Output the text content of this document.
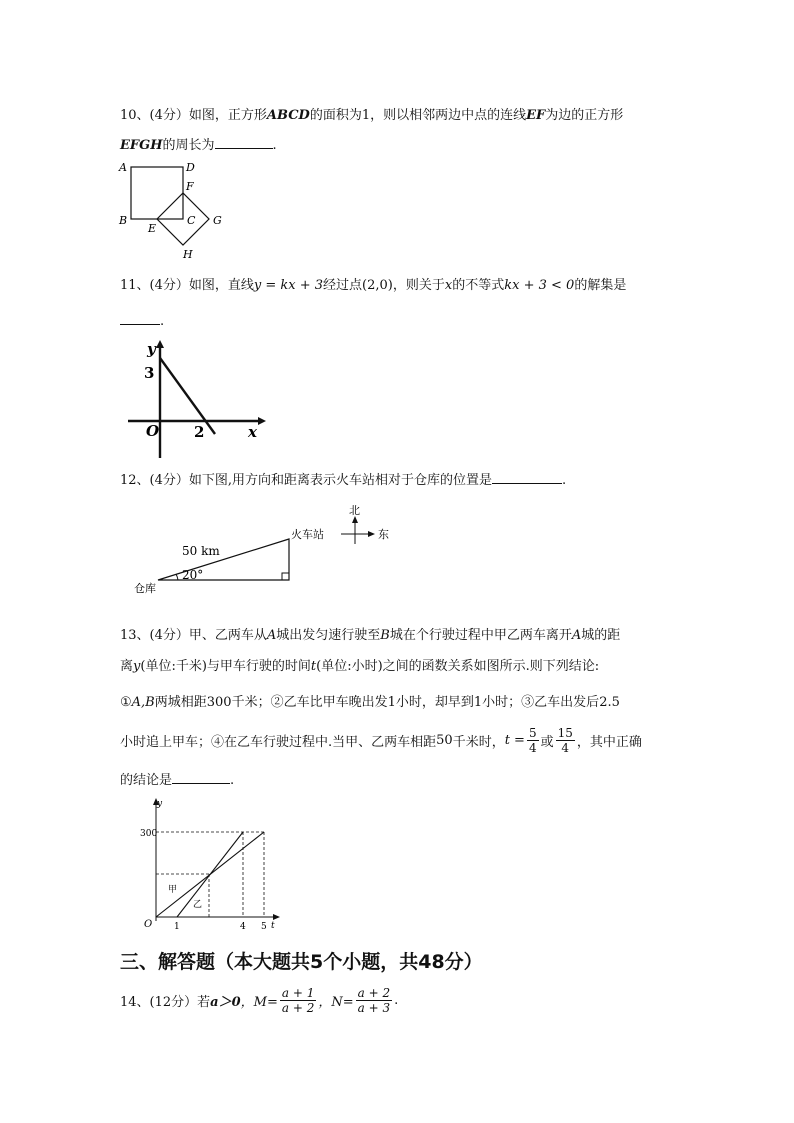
10、(4分）如图，正方形ABCD的面积为1，则以相邻两边中点的连线EF为边的正方形
EFGH的周长为	.
A	D
B	C
E
F
G
H
11、(4分）如图，直线y = kx + 3经过点(2,0)，则关于x的不等式kx + 3 < 0的解集是
.
y
x
3
2
O
12、(4分）如下图,用方向和距离表示火车站相对于仓库的位置是	.
50 km
20°
火车站
仓库
北
东
13、(4分）甲、乙两车从A城出发匀速行驶至B城在个行驶过程中甲乙两车离开A城的距
离y(单位:千米)与甲车行驶的时间t(单位:小时)之间的函数关系如图所示.则下列结论:
①A,B两城相距300千米；②乙车比甲车晚出发1小时，却早到1小时；③乙车出发后2.5
小时追上甲车；④在乙车行驶过程中.当甲、乙两车相距 50 千米时， $t = \frac{5}{4}$ 或 $\frac{15}{4}$ ，其中正确
的结论是	.
y
t
O
300
1	4 5
甲
乙
三、解答题（本大题共5个小题，共48分）
14、(12分）若 a＞0 ，$M= \frac{a + 1}{a + 2}$ ，$N= \frac{a + 2}{a + 3}$ .
